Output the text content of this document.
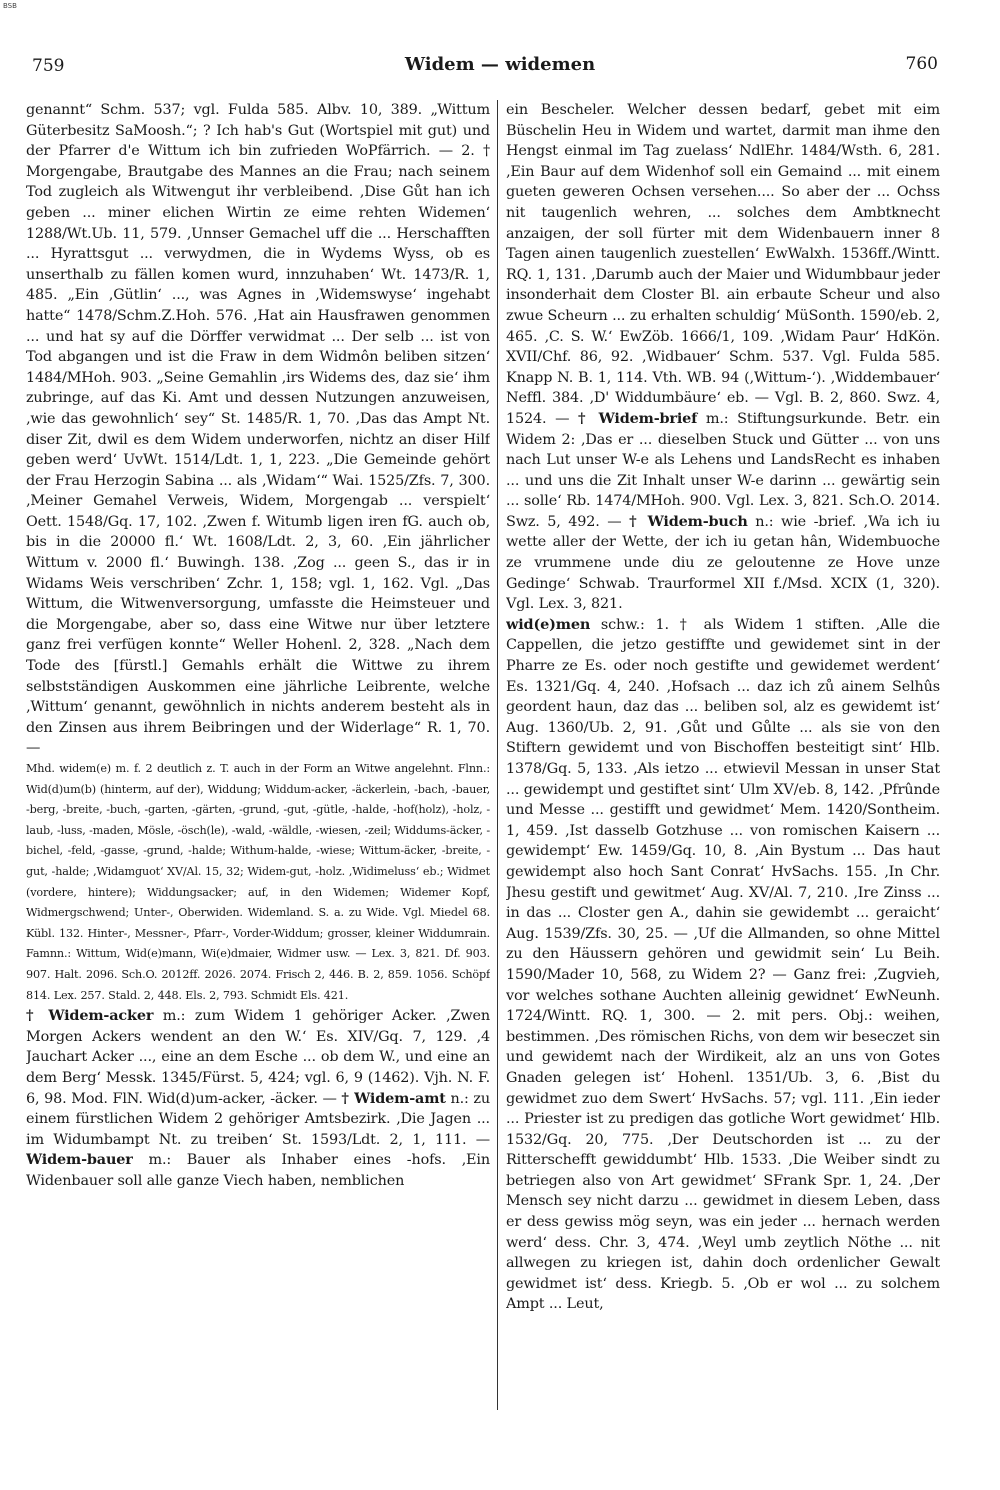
BSB
759	Widem — widemen	760

genannt“ Schm. 537; vgl. Fulda 585. Albv. 10, 389. „Wittum Güterbesitz SaMoosh.“; ? Ich hab's Gut (Wortspiel mit gut) und der Pfarrer d'e Wittum ich bin zufrieden WoPfärrich. — 2. † Morgengabe, Brautgabe des Mannes an die Frau; nach seinem Tod zugleich als Witwengut ihr verbleibend. ‚Dise Gůt han ich geben ... miner elichen Wirtin ze eime rehten Widemen‘ 1288/Wt.Ub. 11, 579. ‚Unnser Gemachel uff die ... Herschafften ... Hyrattsgut ... verwydmen, die in Wydems Wyss, ob es unserthalb zu fällen komen wurd, innzuhaben‘ Wt. 1473/R. 1, 485. „Ein ‚Gütlin‘ ..., was Agnes in ‚Widemswyse‘ ingehabt hatte“ 1478/Schm.Z.Hoh. 576. ‚Hat ain Hausfrawen genommen ... und hat sy auf die Dörffer verwidmat ... Der selb ... ist von Tod abgangen und ist die Fraw in dem Widmôn beliben sitzen‘ 1484/MHoh. 903. „Seine Gemahlin ‚irs Widems des, daz sie‘ ihm zubringe, auf das Ki. Amt und dessen Nutzungen anzuweisen, ‚wie das gewohnlich‘ sey“ St. 1485/R. 1, 70. ‚Das das Ampt Nt. diser Zit, dwil es dem Widem underworfen, nichtz an diser Hilf geben werd‘ UvWt. 1514/Ldt. 1, 1, 223. „Die Gemeinde gehört der Frau Herzogin Sabina ... als ‚Widam‘“ Wai. 1525/Zfs. 7, 300. ‚Meiner Gemahel Verweis, Widem, Morgengab ... verspielt‘ Oett. 1548/Gq. 17, 102. ‚Zwen f. Witumb ligen iren fG. auch ob, bis in die 20000 fl.‘ Wt. 1608/Ldt. 2, 3, 60. ‚Ein jährlicher Wittum v. 2000 fl.‘ Buwingh. 138. ‚Zog ... geen S., das ir in Widams Weis verschriben‘ Zchr. 1, 158; vgl. 1, 162. Vgl. „Das Wittum, die Witwenversorgung, umfasste die Heimsteuer und die Morgengabe, aber so, dass eine Witwe nur über letztere ganz frei verfügen konnte“ Weller Hohenl. 2, 328. „Nach dem Tode des [fürstl.] Gemahls erhält die Wittwe zu ihrem selbstständigen Auskommen eine jährliche Leibrente, welche ‚Wittum‘ genannt, gewöhnlich in nichts anderem besteht als in den Zinsen aus ihrem Beibringen und der Widerlage“ R. 1, 70. —

Mhd. widem(e) m. f. 2 deutlich z. T. auch in der Form an Witwe angelehnt. Flnn.: Wid(d)um(b) (hinterm, auf der), Widdung; Widdum-acker, -äckerlein, -bach, -bauer, -berg, -breite, -buch, -garten, -gärten, -grund, -gut, -gütle, -halde, -hof(holz), -holz, -laub, -luss, -maden, Mösle, -ösch(le), -wald, -wäldle, -wiesen, -zeil; Widdums-äcker, -bichel, -feld, -gasse, -grund, -halde; Withum-halde, -wiese; Wittum-äcker, -breite, -gut, -halde; ‚Widamguot‘ XV/Al. 15, 32; Widem-gut, -holz. ‚Widimeluss‘ eb.; Widmet (vordere, hintere); Widdungsacker; auf, in den Widemen; Widemer Kopf, Widmergschwend; Unter-, Oberwiden. Widemland. S. a. zu Wide. Vgl. Miedel 68. Kübl. 132. Hinter-, Messner-, Pfarr-, Vorder-Widdum; grosser, kleiner Widdumrain. Famnn.: Wittum, Wid(e)mann, Wi(e)dmaier, Widmer usw. — Lex. 3, 821. Df. 903. 907. Halt. 2096. Sch.O. 2012ff. 2026. 2074. Frisch 2, 446. B. 2, 859. 1056. Schöpf 814. Lex. 257. Stald. 2, 448. Els. 2, 793. Schmidt Els. 421.

† Widem-acker m.: zum Widem 1 gehöriger Acker. ‚Zwen Morgen Ackers wendent an den W.‘ Es. XIV/Gq. 7, 129. ‚4 Jauchart Acker ..., eine an dem Esche ... ob dem W., und eine an dem Berg‘ Messk. 1345/Fürst. 5, 424; vgl. 6, 9 (1462). Vjh. N. F. 6, 98. Mod. FlN. Wid(d)um-acker, -äcker. — † Widem-amt n.: zu einem fürstlichen Widem 2 gehöriger Amtsbezirk. ‚Die Jagen ... im Widumbampt Nt. zu treiben‘ St. 1593/Ldt. 2, 1, 111. — Widem-bauer m.: Bauer als Inhaber eines -hofs. ‚Ein Widenbauer soll alle ganze Viech haben, nemblichen

ein Bescheler. Welcher dessen bedarf, gebet mit eim Büschelin Heu in Widem und wartet, darmit man ihme den Hengst einmal im Tag zuelass‘ NdlEhr. 1484/Wsth. 6, 281. ‚Ein Baur auf dem Widenhof soll ein Gemaind ... mit einem gueten geweren Ochsen versehen.... So aber der ... Ochss nit taugenlich wehren, ... solches dem Ambtknecht anzaigen, der soll fürter mit dem Widenbauern inner 8 Tagen ainen taugenlich zuestellen‘ EwWalxh. 1536ff./Wintt. RQ. 1, 131. ‚Darumb auch der Maier und Widumbbaur jeder insonderhait dem Closter Bl. ain erbaute Scheur und also zwue Scheurn ... zu erhalten schuldig‘ MüSonth. 1590/eb. 2, 465. ‚C. S. W.‘ EwZöb. 1666/1, 109. ‚Widam Paur‘ HdKön. XVII/Chf. 86, 92. ‚Widbauer‘ Schm. 537. Vgl. Fulda 585. Knapp N. B. 1, 114. Vth. WB. 94 (‚Wittum-‘). ‚Widdembauer‘ Neffl. 384. ‚D' Widdumbäure‘ eb. — Vgl. B. 2, 860. Swz. 4, 1524. — † Widem-brief m.: Stiftungsurkunde. Betr. ein Widem 2: ‚Das er ... dieselben Stuck und Gütter ... von uns nach Lut unser W-e als Lehens und LandsRecht es inhaben ... und uns die Zit Inhalt unser W-e darinn ... gewärtig sein ... solle‘ Rb. 1474/MHoh. 900. Vgl. Lex. 3, 821. Sch.O. 2014. Swz. 5, 492. — † Widem-buch n.: wie -brief. ‚Wa ich iu wette aller der Wette, der ich iu getan hân, Widembuoche ze vrummene unde diu ze geloutenne ze Hove unze Gedinge‘ Schwab. Traurformel XII f./Msd. XCIX (1, 320). Vgl. Lex. 3, 821.

wid(e)men schw.: 1. † als Widem 1 stiften. ‚Alle die Cappellen, die jetzo gestiffte und gewidemet sint in der Pharre ze Es. oder noch gestifte und gewidemet werdent‘ Es. 1321/Gq. 4, 240. ‚Hofsach ... daz ich zů ainem Selhûs geordent haun, daz das ... beliben sol, alz es gewidemt ist‘ Aug. 1360/Ub. 2, 91. ‚Gůt und Gůlte ... als sie von den Stiftern gewidemt und von Bischoffen besteitigt sint‘ Hlb. 1378/Gq. 5, 133. ‚Als ietzo ... etwievil Messan in unser Stat ... gewidempt und gestiftet sint‘ Ulm XV/eb. 8, 142. ‚Pfrûnde und Messe ... gestifft und gewidmet‘ Mem. 1420/Sontheim. 1, 459. ‚Ist dasselb Gotzhuse ... von romischen Kaisern ... gewidempt‘ Ew. 1459/Gq. 10, 8. ‚Ain Bystum ... Das haut gewidempt also hoch Sant Conrat‘ HvSachs. 155. ‚In Chr. Jhesu gestift und gewitmet‘ Aug. XV/Al. 7, 210. ‚Ire Zinss ... in das ... Closter gen A., dahin sie gewidembt ... geraicht‘ Aug. 1539/Zfs. 30, 25. — ‚Uf die Allmanden, so ohne Mittel zu den Häussern gehören und gewidmit sein‘ Lu Beih. 1590/Mader 10, 568, zu Widem 2? — Ganz frei: ‚Zugvieh, vor welches sothane Auchten alleinig gewidnet‘ EwNeunh. 1724/Wintt. RQ. 1, 300. — 2. mit pers. Obj.: weihen, bestimmen. ‚Des römischen Richs, von dem wir beseczet sin und gewidemt nach der Wirdikeit, alz an uns von Gotes Gnaden gelegen ist‘ Hohenl. 1351/Ub. 3, 6. ‚Bist du gewidmet zuo dem Swert‘ HvSachs. 57; vgl. 111. ‚Ein ieder ... Priester ist zu predigen das gotliche Wort gewidmet‘ Hlb. 1532/Gq. 20, 775. ‚Der Deutschorden ist ... zu der Ritterschefft gewiddumbt‘ Hlb. 1533. ‚Die Weiber sindt zu betriegen also von Art gewidmet‘ SFrank Spr. 1, 24. ‚Der Mensch sey nicht darzu ... gewidmet in diesem Leben, dass er dess gewiss mög seyn, was ein jeder ... hernach werden werd‘ dess. Chr. 3, 474. ‚Weyl umb zeytlich Nöthe ... nit allwegen zu kriegen ist, dahin doch ordenlicher Gewalt gewidmet ist‘ dess. Kriegb. 5. ‚Ob er wol ... zu solchem Ampt ... Leut,
